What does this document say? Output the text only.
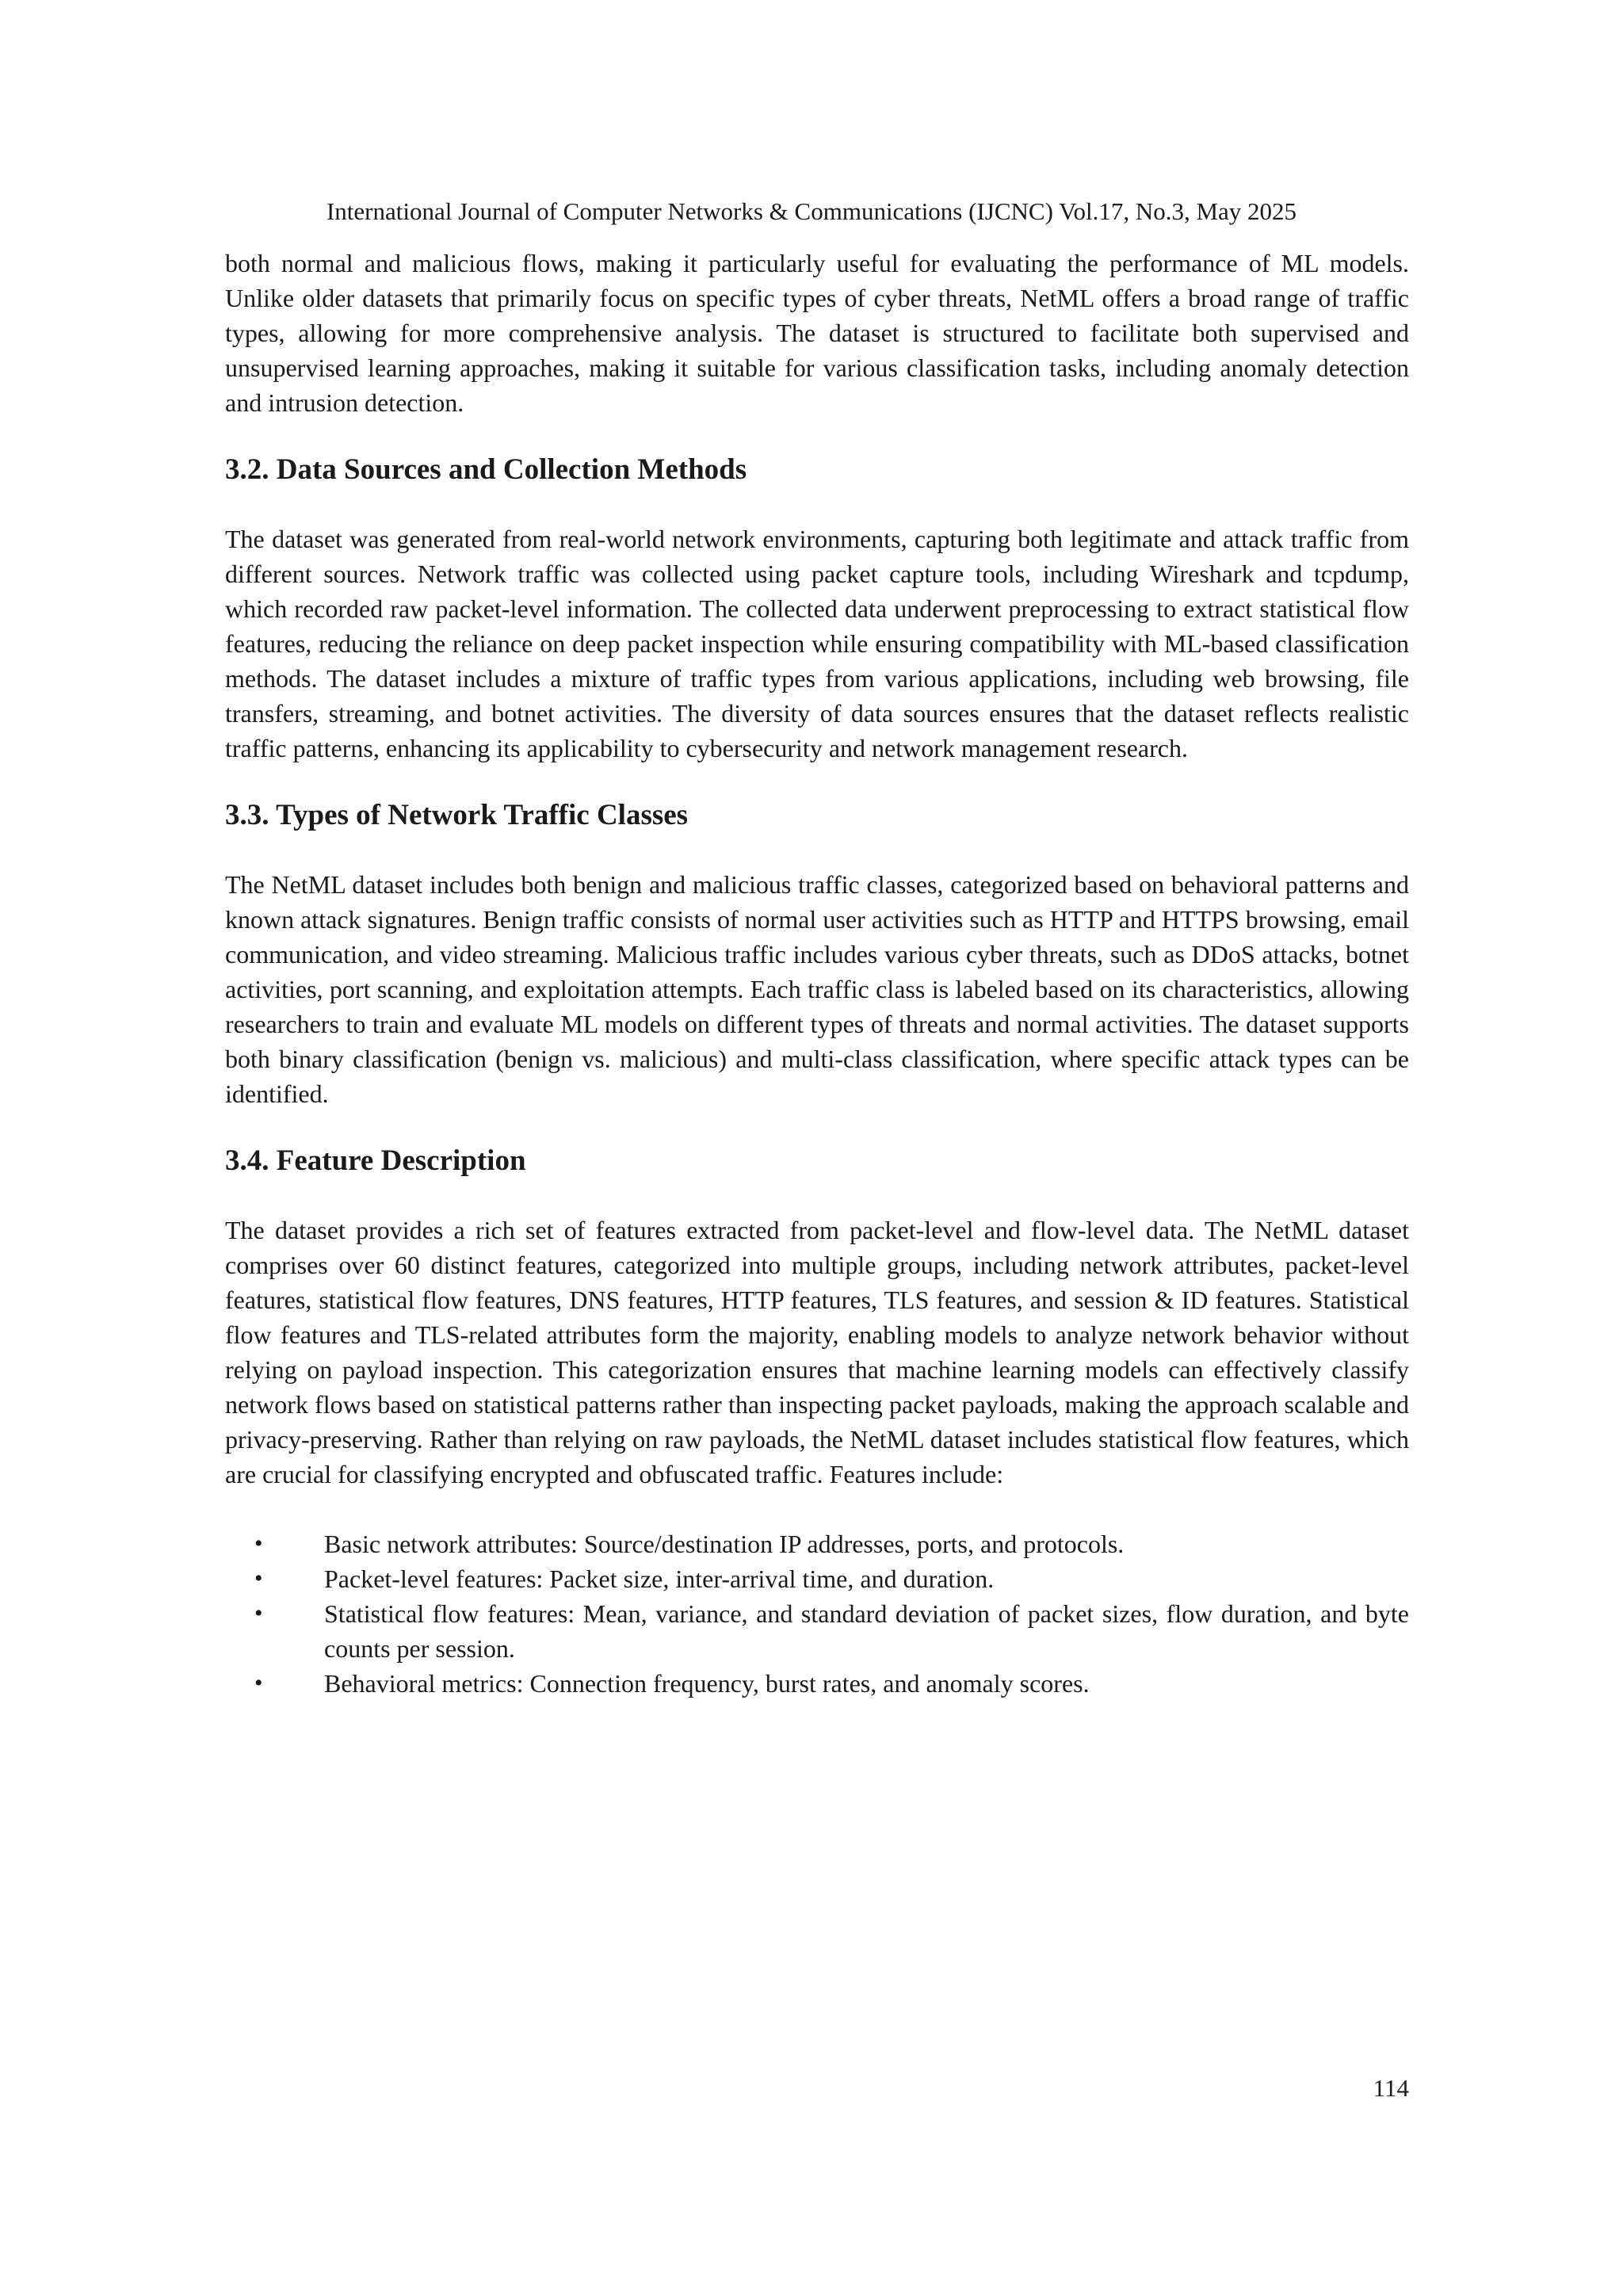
International Journal of Computer Networks & Communications (IJCNC) Vol.17, No.3, May 2025

both normal and malicious flows, making it particularly useful for evaluating the performance of ML models. Unlike older datasets that primarily focus on specific types of cyber threats, NetML offers a broad range of traffic types, allowing for more comprehensive analysis. The dataset is structured to facilitate both supervised and unsupervised learning approaches, making it suitable for various classification tasks, including anomaly detection and intrusion detection.

3.2. Data Sources and Collection Methods

The dataset was generated from real-world network environments, capturing both legitimate and attack traffic from different sources. Network traffic was collected using packet capture tools, including Wireshark and tcpdump, which recorded raw packet-level information. The collected data underwent preprocessing to extract statistical flow features, reducing the reliance on deep packet inspection while ensuring compatibility with ML-based classification methods. The dataset includes a mixture of traffic types from various applications, including web browsing, file transfers, streaming, and botnet activities. The diversity of data sources ensures that the dataset reflects realistic traffic patterns, enhancing its applicability to cybersecurity and network management research.

3.3. Types of Network Traffic Classes

The NetML dataset includes both benign and malicious traffic classes, categorized based on behavioral patterns and known attack signatures. Benign traffic consists of normal user activities such as HTTP and HTTPS browsing, email communication, and video streaming. Malicious traffic includes various cyber threats, such as DDoS attacks, botnet activities, port scanning, and exploitation attempts. Each traffic class is labeled based on its characteristics, allowing researchers to train and evaluate ML models on different types of threats and normal activities. The dataset supports both binary classification (benign vs. malicious) and multi-class classification, where specific attack types can be identified.

3.4. Feature Description

The dataset provides a rich set of features extracted from packet-level and flow-level data. The NetML dataset comprises over 60 distinct features, categorized into multiple groups, including network attributes, packet-level features, statistical flow features, DNS features, HTTP features, TLS features, and session & ID features. Statistical flow features and TLS-related attributes form the majority, enabling models to analyze network behavior without relying on payload inspection. This categorization ensures that machine learning models can effectively classify network flows based on statistical patterns rather than inspecting packet payloads, making the approach scalable and privacy-preserving. Rather than relying on raw payloads, the NetML dataset includes statistical flow features, which are crucial for classifying encrypted and obfuscated traffic. Features include:

• Basic network attributes: Source/destination IP addresses, ports, and protocols.
• Packet-level features: Packet size, inter-arrival time, and duration.
• Statistical flow features: Mean, variance, and standard deviation of packet sizes, flow duration, and byte counts per session.
• Behavioral metrics: Connection frequency, burst rates, and anomaly scores.
114
